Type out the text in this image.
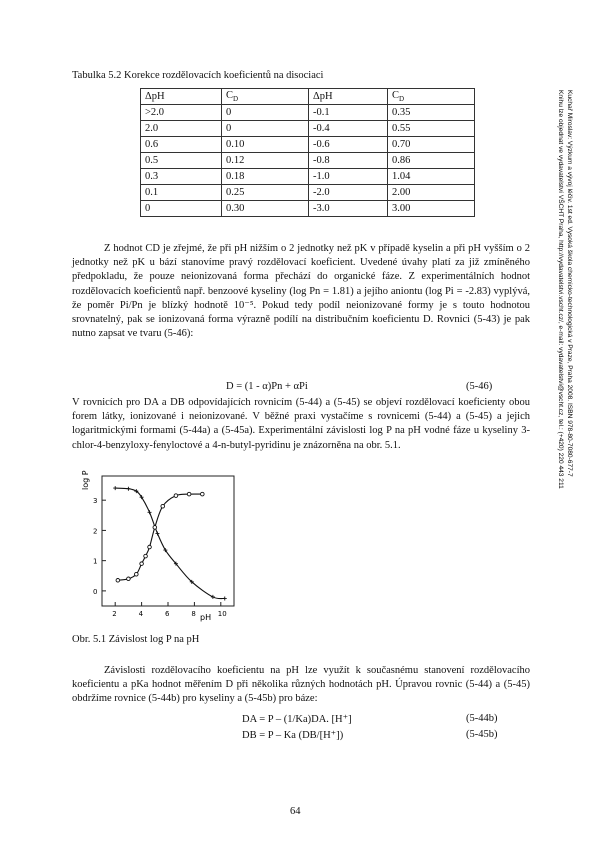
Tabulka 5.2 Korekce rozdělovacích koeficientů na disociaci
ΔpH	$C_D$	ΔpH	$C_D$
>2.0	0	-0.1	0.35
2.0	0	-0.4	0.55
0.6	0.10	-0.6	0.70
0.5	0.12	-0.8	0.86
0.3	0.18	-1.0	1.04
0.1	0.25	-2.0	2.00
0	0.30	-3.0	3.00

Z hodnot CD je zřejmé, že při pH nižším o 2 jednotky než pK v případě kyselin a při pH vyšším o 2 jednotky než pK u bází stanovíme pravý rozdělovací koeficient. Uvedené úvahy platí za již zmíněného předpokladu, že pouze neionizovaná forma přechází do organické fáze. Z experimentálních hodnot rozdělovacích koeficientů např. benzoové kyseliny (log Pn = 1.81) a jejího aniontu (log Pi = -2.83) vyplývá, že poměr Pi/Pn je blízký hodnotě 10⁻⁵. Pokud tedy podíl neionizované formy je s touto hodnotou srovnatelný, pak se ionizovaná forma výrazně podílí na distribučním koeficientu D. Rovnici (5-43) je pak nutno zapsat ve tvaru (5-46):

D = (1 - α)Pn + αPi	(5-46)

V rovnicích pro DA a DB odpovídajících rovnicím (5-44) a (5-45) se objeví rozdělovací koeficienty obou forem látky, ionizované i neionizované. V běžné praxi vystačíme s rovnicemi (5-44) a (5-45) a jejich logaritmickými formami (5-44a) a (5-45a). Experimentální závislosti log P na pH vodné fáze u kyseliny 3-chlor-4-benzyloxy-fenyloctové a 4-n-butyl-pyridinu je znázorněna na obr. 5.1.

log P
pH
0
1
2
3
2	4	6	8	10
Obr. 5.1 Závislost log P na pH

Závislosti rozdělovacího koeficientu na pH lze využít k současnému stanovení rozdělovacího koeficientu a pKa hodnot měřením D při několika různých hodnotách pH. Úpravou rovnic (5-44) a (5-45) obdržíme rovnice (5-44b) pro kyseliny a (5-45b) pro báze:

DA = P – (1/Ka)DA. [H⁺]	(5-44b)
DB = P – Ka (DB/[H⁺])	(5-45b)
64
Kuchař Miroslav: Výzkum a vývoj léčiv. 1st ed. Vysoká škola chemicko-technologická v Praze, Praha 2008. ISBN 978-80-7080-677-7
Knihu lze objednat ve vydavatelství VŠCHT Praha, http://vydavatelstvi.vscht.cz/, e-mail: vydavatelstvi@vscht.cz, tel.: (+420) 220 443 211
